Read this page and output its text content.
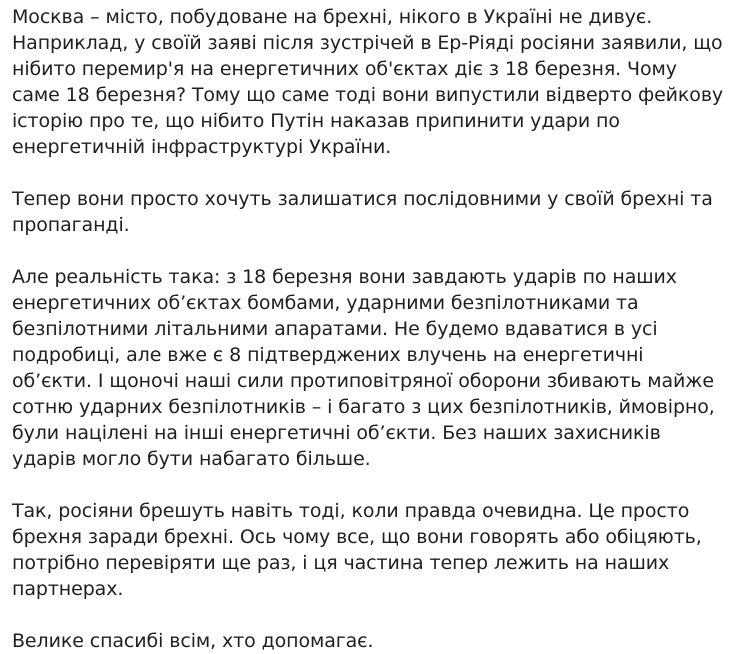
Москва – місто, побудоване на брехні, нікого в Україні не дивує. Наприклад, у своїй заяві після зустрічей в Ер-Ріяді росіяни заявили, що нібито перемир'я на енергетичних об'єктах діє з 18 березня. Чому саме 18 березня? Тому що саме тоді вони випустили відверто фейкову історію про те, що нібито Путін наказав припинити удари по енергетичній інфраструктурі України.

Тепер вони просто хочуть залишатися послідовними у своїй брехні та пропаганді.

Але реальність така: з 18 березня вони завдають ударів по наших енергетичних об’єктах бомбами, ударними безпілотниками та безпілотними літальними апаратами. Не будемо вдаватися в усі подробиці, але вже є 8 підтверджених влучень на енергетичні об’єкти. І щоночі наші сили протиповітряної оборони збивають майже сотню ударних безпілотників – і багато з цих безпілотників, ймовірно, були націлені на інші енергетичні об’єкти. Без наших захисників ударів могло бути набагато більше.

Так, росіяни брешуть навіть тоді, коли правда очевидна. Це просто брехня заради брехні. Ось чому все, що вони говорять або обіцяють, потрібно перевіряти ще раз, і ця частина тепер лежить на наших партнерах.

Велике спасибі всім, хто допомагає.
